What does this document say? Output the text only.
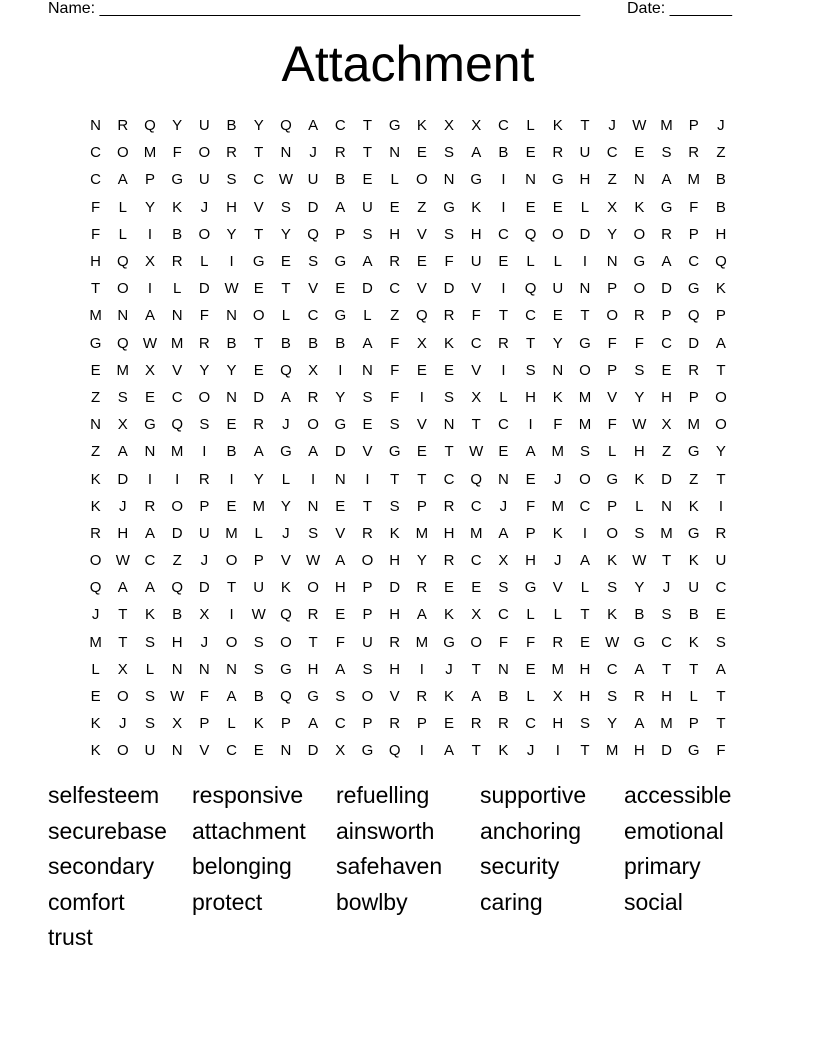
Name: ______________________________________________________	Date: _______
Attachment
N	R	Q	Y	U	B	Y	Q	A	C	T	G	K	X	X	C	L	K	T	J	W M	P	J
C	O	M	F	O	R	T	N	J	R	T	N	E	S	A	B	E	R	U	C	E	S	R	Z
C	A	P	G	U	S	C W U	B	E	L	O	N	G	I	N	G	H	Z	N	A	M	B
F	L	Y	K	J	H	V	S	D	A	U	E	Z	G	K	I	E	E	L	X	K	G	F	B
F	L	I	B	O	Y	T	Y	Q	P	S	H	V	S	H	C	Q	O	D	Y	O	R	P	H
H	Q	X	R	L	I	G	E	S	G	A	R	E	F	U	E	L	L	I	N	G	A	C	Q
T	O	I	L	D W	E	T	V	E	D	C	V	D	V	I	Q	U	N	P	O	D	G	K
M	N	A	N	F	N	O	L	C	G	L	Z	Q	R	F	T	C	E	T	O	R	P	Q	P
G	Q W M	R	B	T	B	B	B	A	F	X	K	C	R	T	Y	G	F	F	C	D	A
E	M	X	V	Y	Y	E	Q	X	I	N	F	E	E	V	I	S	N	O	P	S	E	R	T
Z	S	E	C	O	N	D	A	R	Y	S	F	I	S	X	L	H	K	M	V	Y	H	P	O
N	X	G	Q	S	E	R	J	O	G	E	S	V	N	T	C	I	F	M	F	W	X	M	O
Z	A	N	M	I	B	A	G	A	D	V	G	E	T	W	E	A	M	S	L	H	Z	G	Y
K	D	I	I	R	I	Y	L	I	N	I	T	T	C	Q	N	E	J	O	G	K	D	Z	T
K	J	R	O	P	E	M	Y	N	E	T	S	P	R	C	J	F	M	C	P	L	N	K	I
R	H	A	D	U	M	L	J	S	V	R	K	M	H	M	A	P	K	I	O	S	M	G	R
O W C	Z	J	O	P	V	W	A	O	H	Y	R	C	X	H	J	A	K	W	T	K	U
Q	A	A	Q	D	T	U	K	O	H	P	D	R	E	E	S	G	V	L	S	Y	J	U	C
J	T	K	B	X	I	W Q	R	E	P	H	A	K	X	C	L	L	T	K	B	S	B	E
M	T	S	H	J	O	S	O	T	F	U	R	M	G	O	F	F	R	E	W G	C	K	S
L	X	L	N	N	N	S	G	H	A	S	H	I	J	T	N	E	M	H	C	A	T	T	A
E	O	S	W	F	A	B	Q	G	S	O	V	R	K	A	B	L	X	H	S	R	H	L	T
K	J	S	X	P	L	K	P	A	C	P	R	P	E	R	R	C	H	S	Y	A	M	P	T
K	O	U	N	V	C	E	N	D	X	G	Q	I	A	T	K	J	I	T	M	H	D	G	F
selfesteem	responsive	refuelling	supportive	accessible
securebase	attachment	ainsworth	anchoring	emotional
secondary	belonging	safehaven	security	primary
comfort	protect	bowlby	caring	social
trust
